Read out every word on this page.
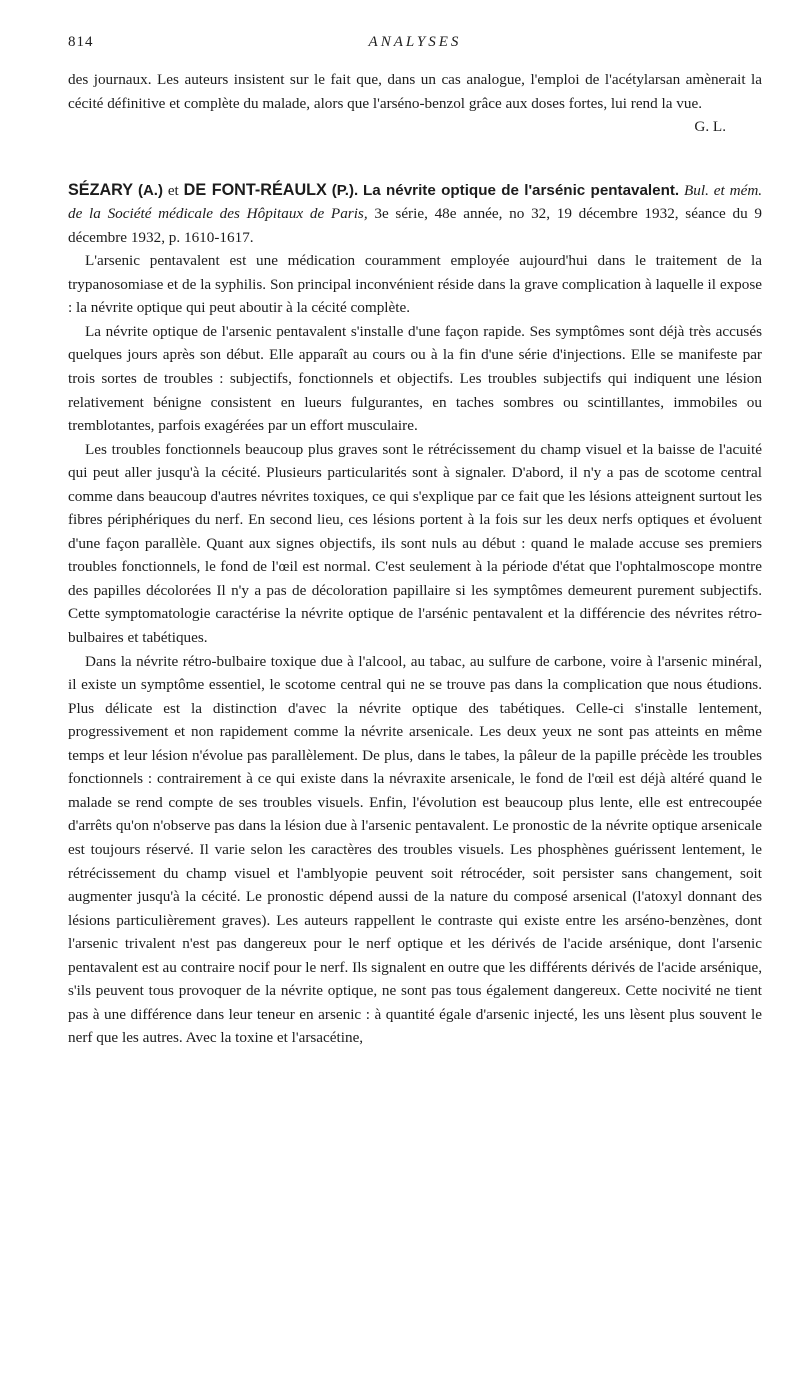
814	ANALYSES

des journaux. Les auteurs insistent sur le fait que, dans un cas analogue, l'emploi de l'acétylarsan amènerait la cécité définitive et complète du malade, alors que l'arséno-benzol grâce aux doses fortes, lui rend la vue.
G. L.

SÉZARY (A.) et DE FONT-RÉAULX (P.). La névrite optique de l'arsénic pentavalent. Bul. et mém. de la Société médicale des Hôpitaux de Paris, 3e série, 48e année, no 32, 19 décembre 1932, séance du 9 décembre 1932, p. 1610-1617.

L'arsenic pentavalent est une médication couramment employée aujourd'hui dans le traitement de la trypanosomiase et de la syphilis. Son principal inconvénient réside dans la grave complication à laquelle il expose : la névrite optique qui peut aboutir à la cécité complète.

La névrite optique de l'arsenic pentavalent s'installe d'une façon rapide. Ses symptômes sont déjà très accusés quelques jours après son début. Elle apparaît au cours ou à la fin d'une série d'injections. Elle se manifeste par trois sortes de troubles : subjectifs, fonctionnels et objectifs. Les troubles subjectifs qui indiquent une lésion relativement bénigne consistent en lueurs fulgurantes, en taches sombres ou scintillantes, immobiles ou tremblotantes, parfois exagérées par un effort musculaire.

Les troubles fonctionnels beaucoup plus graves sont le rétrécissement du champ visuel et la baisse de l'acuité qui peut aller jusqu'à la cécité. Plusieurs particularités sont à signaler. D'abord, il n'y a pas de scotome central comme dans beaucoup d'autres névrites toxiques, ce qui s'explique par ce fait que les lésions atteignent surtout les fibres périphériques du nerf. En second lieu, ces lésions portent à la fois sur les deux nerfs optiques et évoluent d'une façon parallèle. Quant aux signes objectifs, ils sont nuls au début : quand le malade accuse ses premiers troubles fonctionnels, le fond de l'œil est normal. C'est seulement à la période d'état que l'ophtalmoscope montre des papilles décolorées Il n'y a pas de décoloration papillaire si les symptômes demeurent purement subjectifs. Cette symptomatologie caractérise la névrite optique de l'arsénic pentavalent et la différencie des névrites rétro-bulbaires et tabétiques.

Dans la névrite rétro-bulbaire toxique due à l'alcool, au tabac, au sulfure de carbone, voire à l'arsenic minéral, il existe un symptôme essentiel, le scotome central qui ne se trouve pas dans la complication que nous étudions. Plus délicate est la distinction d'avec la névrite optique des tabétiques. Celle-ci s'installe lentement, progressivement et non rapidement comme la névrite arsenicale. Les deux yeux ne sont pas atteints en même temps et leur lésion n'évolue pas parallèlement. De plus, dans le tabes, la pâleur de la papille précède les troubles fonctionnels : contrairement à ce qui existe dans la névraxite arsenicale, le fond de l'œil est déjà altéré quand le malade se rend compte de ses troubles visuels. Enfin, l'évolution est beaucoup plus lente, elle est entrecoupée d'arrêts qu'on n'observe pas dans la lésion due à l'arsenic pentavalent. Le pronostic de la névrite optique arsenicale est toujours réservé. Il varie selon les caractères des troubles visuels. Les phosphènes guérissent lentement, le rétrécissement du champ visuel et l'amblyopie peuvent soit rétrocéder, soit persister sans changement, soit augmenter jusqu'à la cécité. Le pronostic dépend aussi de la nature du composé arsenical (l'atoxyl donnant des lésions particulièrement graves). Les auteurs rappellent le contraste qui existe entre les arséno-benzènes, dont l'arsenic trivalent n'est pas dangereux pour le nerf optique et les dérivés de l'acide arsénique, dont l'arsenic pentavalent est au contraire nocif pour le nerf. Ils signalent en outre que les différents dérivés de l'acide arsénique, s'ils peuvent tous provoquer de la névrite optique, ne sont pas tous également dangereux. Cette nocivité ne tient pas à une différence dans leur teneur en arsenic : à quantité égale d'arsenic injecté, les uns lèsent plus souvent le nerf que les autres. Avec la toxine et l'arsacétine,
